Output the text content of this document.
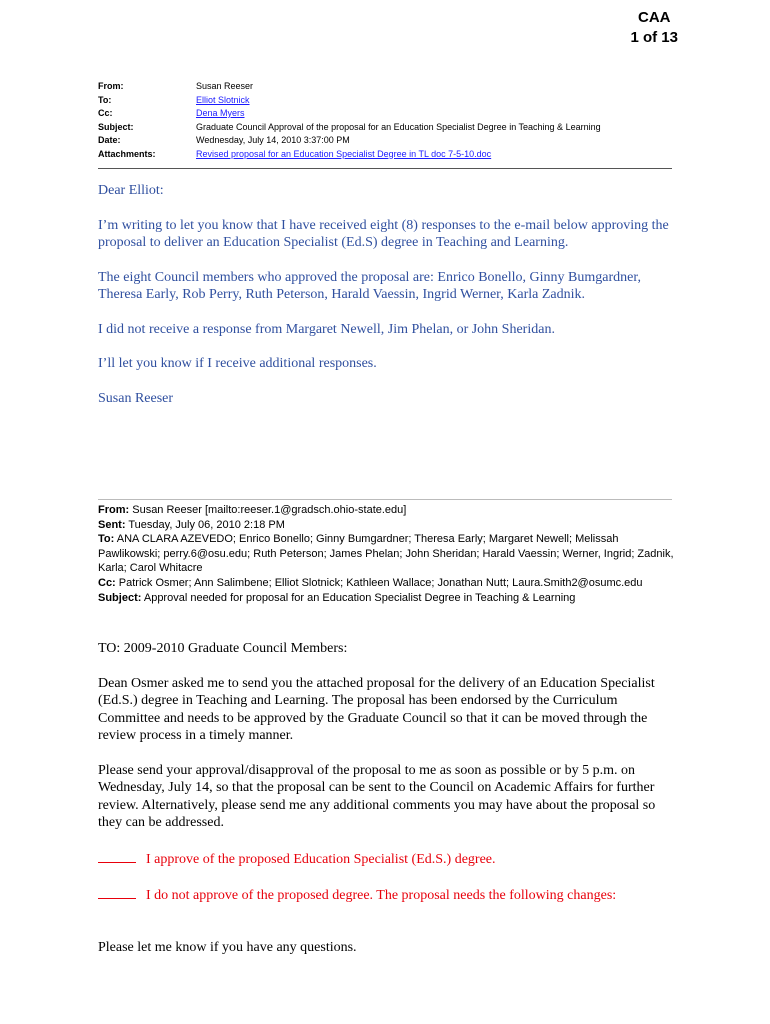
CAA
1 of 13
From:	Susan Reeser
To:	Elliot Slotnick
Cc:	Dena Myers
Subject:	Graduate Council Approval of the proposal for an Education Specialist Degree in Teaching & Learning
Date:	Wednesday, July 14, 2010 3:37:00 PM
Attachments:	Revised proposal for an Education Specialist Degree in TL doc 7-5-10.doc

Dear Elliot:

I’m writing to let you know that I have received eight (8) responses to the e-mail below approving the proposal to deliver an Education Specialist (Ed.S) degree in Teaching and Learning.

The eight Council members who approved the proposal are: Enrico Bonello, Ginny Bumgardner, Theresa Early, Rob Perry, Ruth Peterson, Harald Vaessin, Ingrid Werner, Karla Zadnik.

I did not receive a response from Margaret Newell, Jim Phelan, or John Sheridan.

I’ll let you know if I receive additional responses.

Susan Reeser

From: Susan Reeser [mailto:reeser.1@gradsch.ohio-state.edu]
Sent: Tuesday, July 06, 2010 2:18 PM
To: ANA CLARA AZEVEDO; Enrico Bonello; Ginny Bumgardner; Theresa Early; Margaret Newell; Melissah Pawlikowski; perry.6@osu.edu; Ruth Peterson; James Phelan; John Sheridan; Harald Vaessin; Werner, Ingrid; Zadnik, Karla; Carol Whitacre
Cc: Patrick Osmer; Ann Salimbene; Elliot Slotnick; Kathleen Wallace; Jonathan Nutt; Laura.Smith2@osumc.edu
Subject: Approval needed for proposal for an Education Specialist Degree in Teaching & Learning

TO: 2009-2010 Graduate Council Members:

Dean Osmer asked me to send you the attached proposal for the delivery of an Education Specialist (Ed.S.) degree in Teaching and Learning. The proposal has been endorsed by the Curriculum Committee and needs to be approved by the Graduate Council so that it can be moved through the review process in a timely manner.

Please send your approval/disapproval of the proposal to me as soon as possible or by 5 p.m. on Wednesday, July 14, so that the proposal can be sent to the Council on Academic Affairs for further review. Alternatively, please send me any additional comments you may have about the proposal so they can be addressed.

I approve of the proposed Education Specialist (Ed.S.) degree.

I do not approve of the proposed degree. The proposal needs the following changes:

Please let me know if you have any questions.
